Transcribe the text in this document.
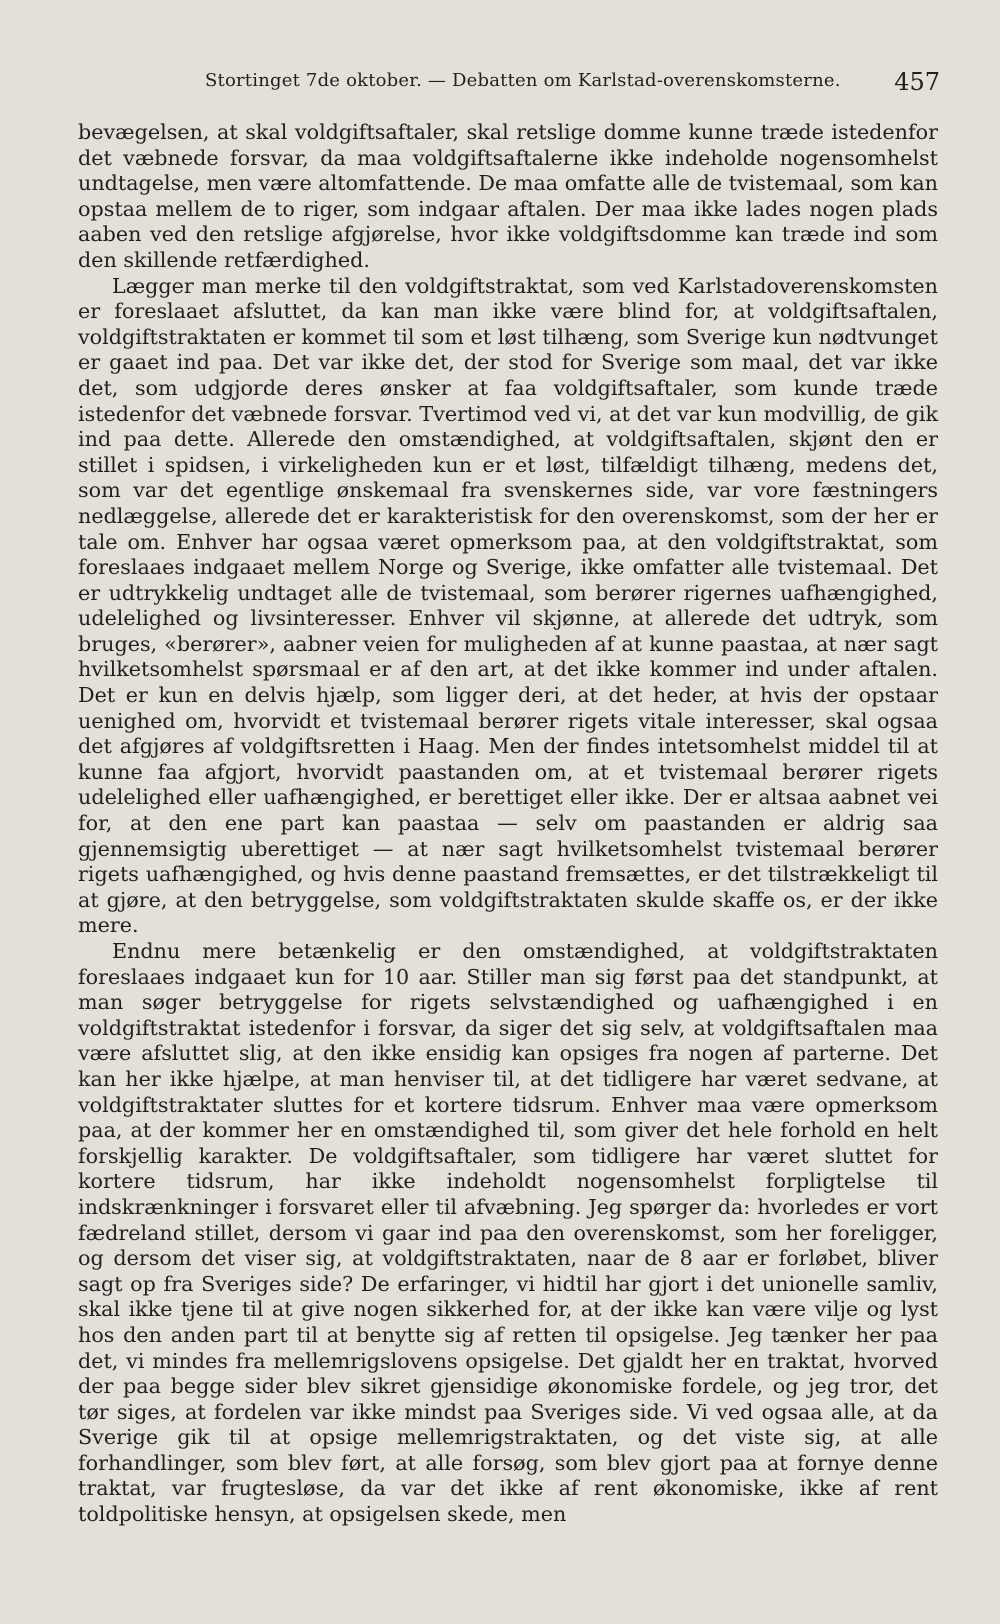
Stortinget 7de oktober. — Debatten om Karlstad-overenskomsterne. 457

bevægelsen, at skal voldgiftsaftaler, skal retslige domme kunne træde istedenfor det væbnede forsvar, da maa voldgiftsaftalerne ikke indeholde nogensomhelst undtagelse, men være altomfattende. De maa omfatte alle de tvistemaal, som kan opstaa mellem de to riger, som indgaar aftalen. Der maa ikke lades nogen plads aaben ved den retslige afgjørelse, hvor ikke voldgiftsdomme kan træde ind som den skillende retfærdighed.

Lægger man merke til den voldgiftstraktat, som ved Karlstadoverenskomsten er foreslaaet afsluttet, da kan man ikke være blind for, at voldgiftsaftalen, voldgiftstraktaten er kommet til som et løst tilhæng, som Sverige kun nødtvunget er gaaet ind paa. Det var ikke det, der stod for Sverige som maal, det var ikke det, som udgjorde deres ønsker at faa voldgiftsaftaler, som kunde træde istedenfor det væbnede forsvar. Tvertimod ved vi, at det var kun modvillig, de gik ind paa dette. Allerede den omstændighed, at voldgiftsaftalen, skjønt den er stillet i spidsen, i virkeligheden kun er et løst, tilfældigt tilhæng, medens det, som var det egentlige ønskemaal fra svenskernes side, var vore fæstningers nedlæggelse, allerede det er karakteristisk for den overenskomst, som der her er tale om. Enhver har ogsaa været opmerksom paa, at den voldgiftstraktat, som foreslaaes indgaaet mellem Norge og Sverige, ikke omfatter alle tvistemaal. Det er udtrykkelig undtaget alle de tvistemaal, som berører rigernes uafhængighed, udelelighed og livsinteresser. Enhver vil skjønne, at allerede det udtryk, som bruges, «berører», aabner veien for muligheden af at kunne paastaa, at nær sagt hvilketsomhelst spørsmaal er af den art, at det ikke kommer ind under aftalen. Det er kun en delvis hjælp, som ligger deri, at det heder, at hvis der opstaar uenighed om, hvorvidt et tvistemaal berører rigets vitale interesser, skal ogsaa det afgjøres af voldgiftsretten i Haag. Men der findes intetsomhelst middel til at kunne faa afgjort, hvorvidt paastanden om, at et tvistemaal berører rigets udelelighed eller uafhængighed, er berettiget eller ikke. Der er altsaa aabnet vei for, at den ene part kan paastaa — selv om paastanden er aldrig saa gjennemsigtig uberettiget — at nær sagt hvilketsomhelst tvistemaal berører rigets uafhængighed, og hvis denne paastand fremsættes, er det tilstrækkeligt til at gjøre, at den betryggelse, som voldgiftstraktaten skulde skaffe os, er der ikke mere.

Endnu mere betænkelig er den omstændighed, at voldgiftstraktaten foreslaaes indgaaet kun for 10 aar. Stiller man sig først paa det standpunkt, at man søger betryggelse for rigets selvstændighed og uafhængighed i en voldgiftstraktat istedenfor i forsvar, da siger det sig selv, at voldgiftsaftalen maa være afsluttet slig, at den ikke ensidig kan opsiges fra nogen af parterne. Det kan her ikke hjælpe, at man henviser til, at det tidligere har været sedvane, at voldgiftstraktater sluttes for et kortere tidsrum. Enhver maa være opmerksom paa, at der kommer her en omstændighed til, som giver det hele forhold en helt forskjellig karakter. De voldgiftsaftaler, som tidligere har været sluttet for kortere tidsrum, har ikke indeholdt nogensomhelst forpligtelse til indskrænkninger i forsvaret eller til afvæbning. Jeg spørger da: hvorledes er vort fædreland stillet, dersom vi gaar ind paa den overenskomst, som her foreligger, og dersom det viser sig, at voldgiftstraktaten, naar de 8 aar er forløbet, bliver sagt op fra Sveriges side? De erfaringer, vi hidtil har gjort i det unionelle samliv, skal ikke tjene til at give nogen sikkerhed for, at der ikke kan være vilje og lyst hos den anden part til at benytte sig af retten til opsigelse. Jeg tænker her paa det, vi mindes fra mellemrigslovens opsigelse. Det gjaldt her en traktat, hvorved der paa begge sider blev sikret gjensidige økonomiske fordele, og jeg tror, det tør siges, at fordelen var ikke mindst paa Sveriges side. Vi ved ogsaa alle, at da Sverige gik til at opsige mellemrigstraktaten, og det viste sig, at alle forhandlinger, som blev ført, at alle forsøg, som blev gjort paa at fornye denne traktat, var frugtesløse, da var det ikke af rent økonomiske, ikke af rent toldpolitiske hensyn, at opsigelsen skede, men
